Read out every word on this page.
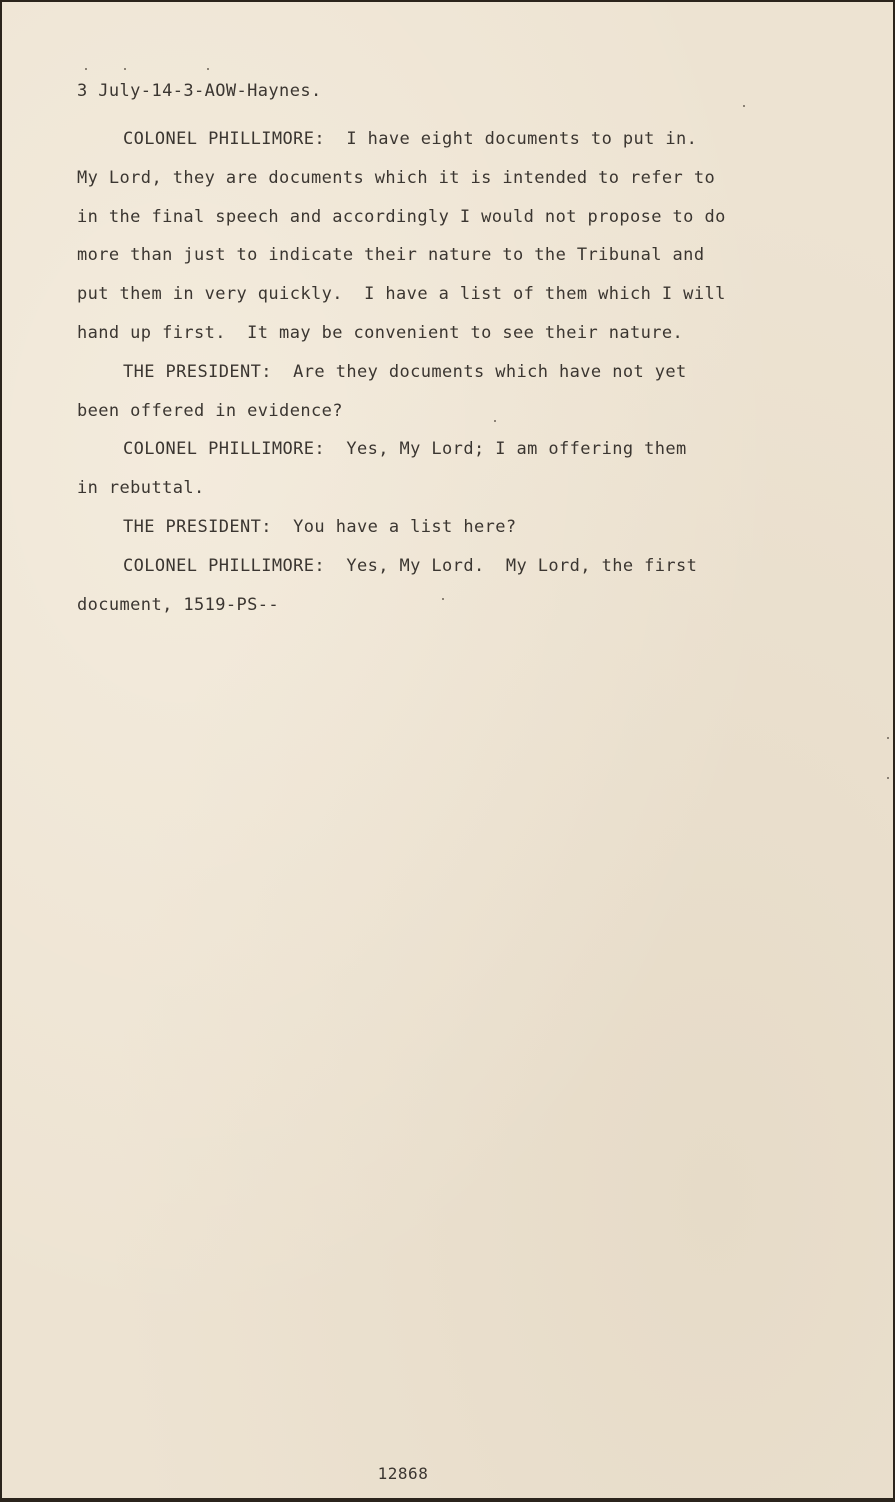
3 July-14-3-AOW-Haynes.
COLONEL PHILLIMORE:  I have eight documents to put in.
My Lord, they are documents which it is intended to refer to
in the final speech and accordingly I would not propose to do
more than just to indicate their nature to the Tribunal and
put them in very quickly.  I have a list of them which I will
hand up first.  It may be convenient to see their nature.
THE PRESIDENT:  Are they documents which have not yet
been offered in evidence?
COLONEL PHILLIMORE:  Yes, My Lord; I am offering them
in rebuttal.
THE PRESIDENT:  You have a list here?
COLONEL PHILLIMORE:  Yes, My Lord.  My Lord, the first
document, 1519-PS--
12868
